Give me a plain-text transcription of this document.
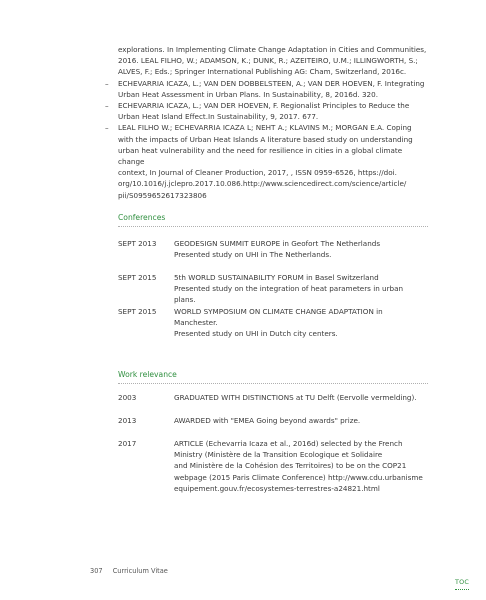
explorations. In Implementing Climate Change Adaptation in Cities and Communities,
2016. LEAL FILHO, W.; ADAMSON, K.; DUNK, R.; AZEITEIRO, U.M.; ILLINGWORTH, S.;
ALVES, F.; Eds.; Springer International Publishing AG: Cham, Switzerland, 2016c.
– ECHEVARRIA ICAZA, L.; VAN DEN DOBBELSTEEN, A.; VAN DER HOEVEN, F. Integrating
Urban Heat Assessment in Urban Plans. In Sustainability, 8, 2016d. 320.
– ECHEVARRIA ICAZA, L.; VAN DER HOEVEN, F. Regionalist Principles to Reduce the
Urban Heat Island Effect.In Sustainability, 9, 2017. 677.
– LEAL FILHO W.; ECHEVARRIA ICAZA L; NEHT A.; KLAVINS M.; MORGAN E.A. Coping
with the impacts of Urban Heat Islands A literature based study on understanding
urban heat vulnerability and the need for resilience in cities in a global climate change
context, In Journal of Cleaner Production, 2017, , ISSN 0959-6526, https://doi.
org/10.1016/j.jclepro.2017.10.086.http://www.sciencedirect.com/science/article/
pii/S0959652617323806

Conferences

SEPT 2013	GEODESIGN SUMMIT EUROPE in Geofort The Netherlands
Presented study on UHI in The Netherlands.
SEPT 2015	5th WORLD SUSTAINABILITY FORUM in Basel Switzerland
Presented study on the integration of heat parameters in urban plans.
SEPT 2015	WORLD SYMPOSIUM ON CLIMATE CHANGE ADAPTATION in
Manchester.
Presented study on UHI in Dutch city centers.

Work relevance

2003	GRADUATED WITH DISTINCTIONS at TU Delft (Eervolle vermelding).
2013	AWARDED with "EMEA Going beyond awards" prize.
2017	ARTICLE (Echevarria Icaza et al., 2016d) selected by the French
Ministry (Ministère de la Transition Ecologique et Solidaire
and Ministère de la Cohésion des Territoires) to be on the COP21
webpage (2015 Paris Climate Conference) http://www.cdu.urbanisme
equipement.gouv.fr/ecosystemes-terrestres-a24821.html
307 Curriculum Vitae
TOC
